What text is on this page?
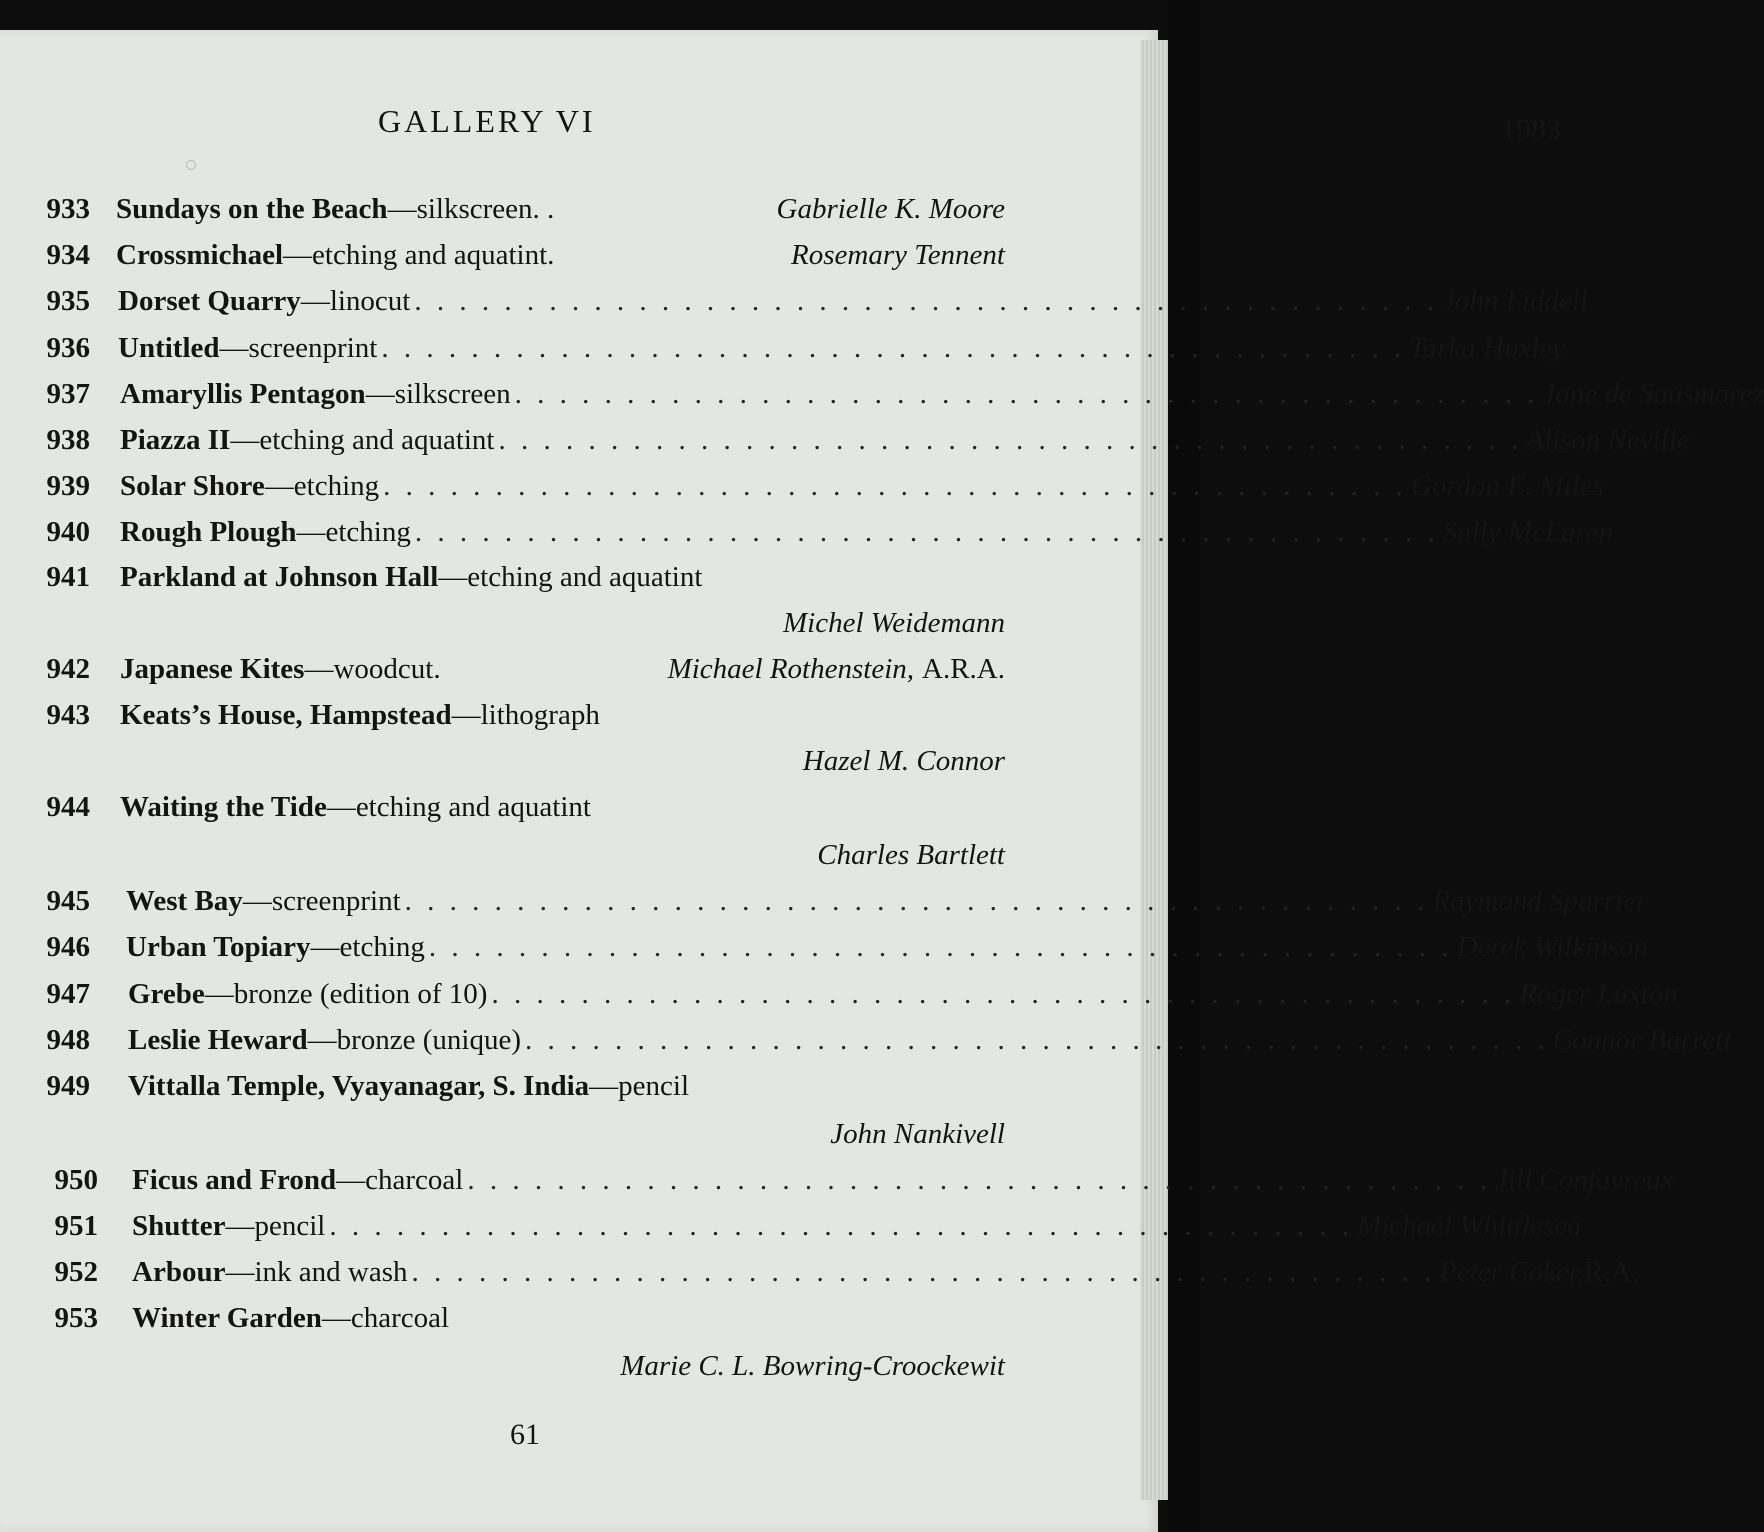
GALLERY VI	1983
933 Sundays on the Beach —silkscreen. .	Gabrielle K. Moore
934 Crossmichael —etching and aquatint.	Rosemary Tennent
935 Dorset Quarry —linocut . . . . . . . . . . . . . . . . . . . . . . . . . . . . . . . . . . . . . . . . . . . . . . John Liddell
936 Untitled —screenprint . . . . . . . . . . . . . . . . . . . . . . . . . . . . . . . . . . . . . . . . . . . . . . Tarka Huxley
937 Amaryllis Pentagon —silkscreen . . . . . . . . . . . . . . . . . . . . . . . . . . . . . . . . . . . . . . . . . . . . . . Jane de Sausmarez
938 Piazza II —etching and aquatint . . . . . . . . . . . . . . . . . . . . . . . . . . . . . . . . . . . . . . . . . . . . . . Alison Neville
939 Solar Shore —etching . . . . . . . . . . . . . . . . . . . . . . . . . . . . . . . . . . . . . . . . . . . . . . Gordon E. Miles
940 Rough Plough —etching . . . . . . . . . . . . . . . . . . . . . . . . . . . . . . . . . . . . . . . . . . . . . . Sally McLaren
941 Parkland at Johnson Hall —etching and aquatint
Michel Weidemann
942 Japanese Kites —woodcut.	Michael Rothenstein, A.R.A.
943 Keats’s House, Hampstead —lithograph
Hazel M. Connor
944 Waiting the Tide —etching and aquatint
Charles Bartlett
945 West Bay —screenprint . . . . . . . . . . . . . . . . . . . . . . . . . . . . . . . . . . . . . . . . . . . . . . Raymond Spurrier
946 Urban Topiary —etching . . . . . . . . . . . . . . . . . . . . . . . . . . . . . . . . . . . . . . . . . . . . . . Derek Wilkinson
947 Grebe —bronze (edition of 10) . . . . . . . . . . . . . . . . . . . . . . . . . . . . . . . . . . . . . . . . . . . . . . Roger Luxton
948 Leslie Heward —bronze (unique) . . . . . . . . . . . . . . . . . . . . . . . . . . . . . . . . . . . . . . . . . . . . . . Connor Barrett
949 Vittalla Temple, Vyayanagar, S. India —pencil
John Nankivell
950 Ficus and Frond —charcoal . . . . . . . . . . . . . . . . . . . . . . . . . . . . . . . . . . . . . . . . . . . . . . Jill Confavreux
951 Shutter —pencil . . . . . . . . . . . . . . . . . . . . . . . . . . . . . . . . . . . . . . . . . . . . . . Michael Whittlesea
952 Arbour —ink and wash . . . . . . . . . . . . . . . . . . . . . . . . . . . . . . . . . . . . . . . . . . . . . . Peter Coker, R.A.
953 Winter Garden —charcoal
Marie C. L. Bowring-Croockewit
61
